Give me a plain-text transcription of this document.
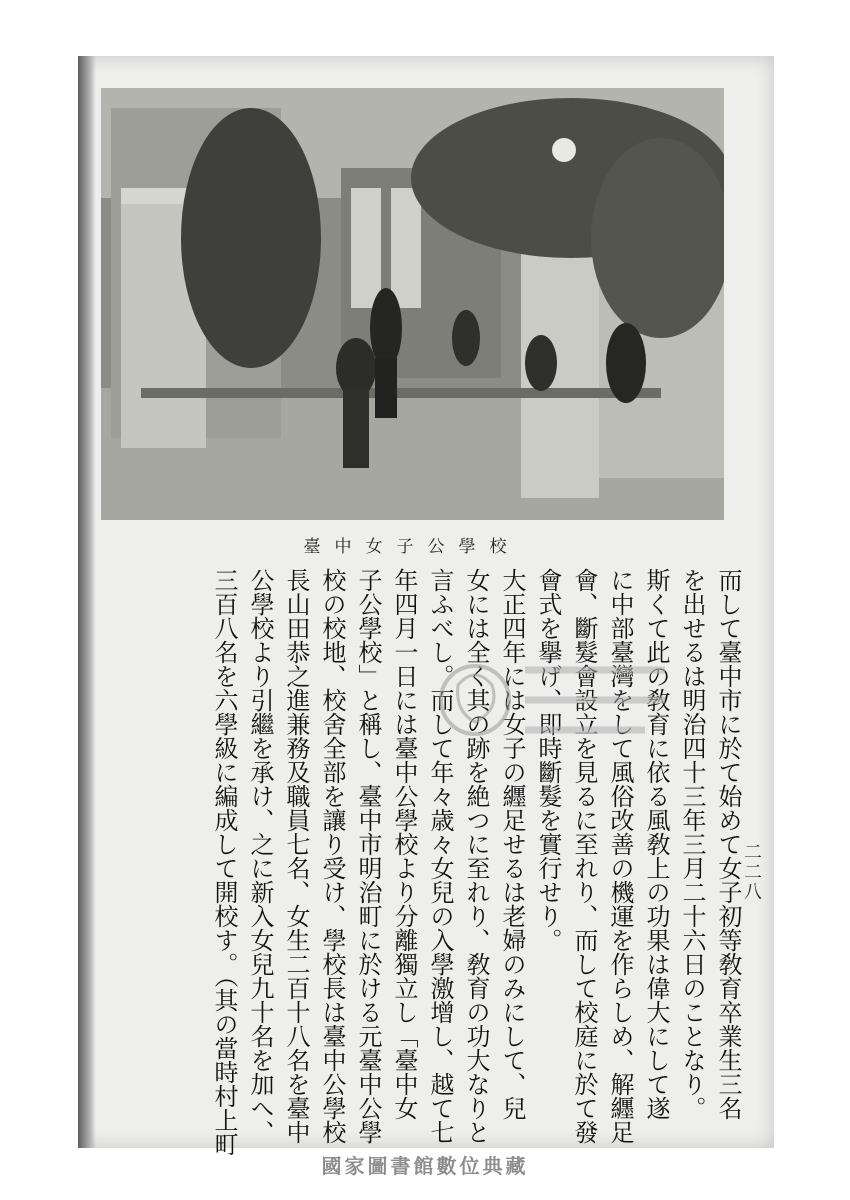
臺中女子公學校
二二八
而して臺中市に於て始めて女子初等敎育卒業生三名
を出せるは明治四十三年三月二十六日のことなり。
斯くて此の敎育に依る風敎上の功果は偉大にして遂
に中部臺灣をして風俗改善の機運を作らしめ、解纒足
會、斷髮會設立を見るに至れり、而して校庭に於て發
會式を擧げ、即時斷髮を實行せり。
大正四年には女子の纒足せるは老婦のみにして、兒
女には全く其の跡を絶つに至れり、敎育の功大なりと
言ふべし。而して年々歳々女兒の入學激增し、越て七
年四月一日には臺中公學校より分離獨立し「臺中女
子公學校」と稱し、臺中市明治町に於ける元臺中公學
校の校地、校舍全部を讓り受け、學校長は臺中公學校
長山田恭之進兼務及職員七名、女生二百十八名を臺中
公學校より引繼を承け、之に新入女兒九十名を加へ、
三百八名を六學級に編成して開校す。（其の當時村上町
國家圖書館數位典藏
